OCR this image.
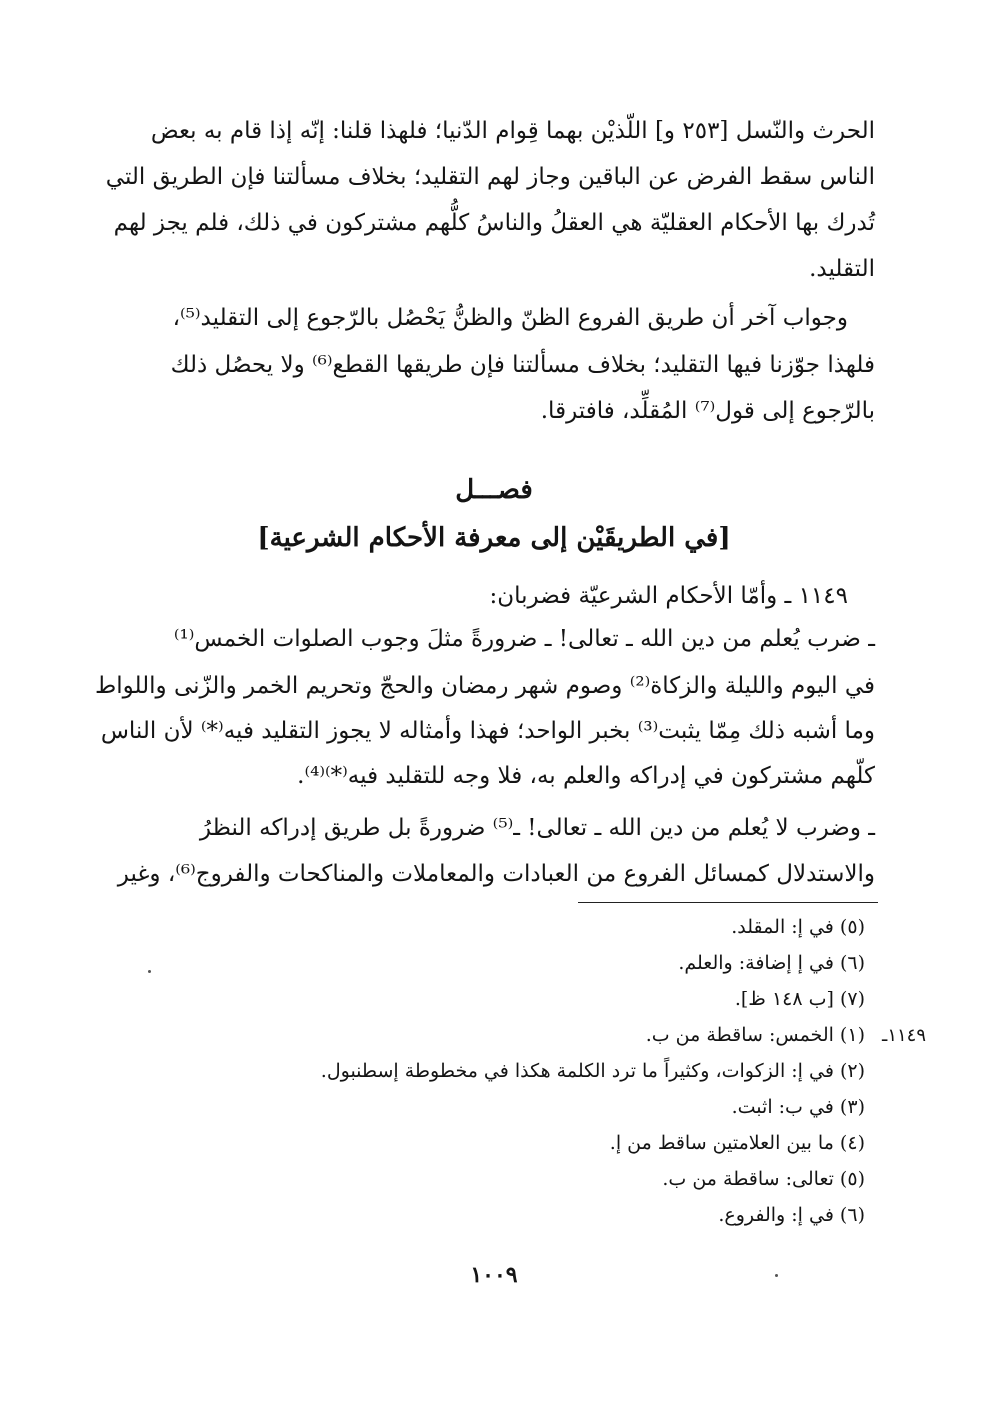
الحرث والنّسل [٢٥٣ و] اللّذيْن بهما قِوام الدّنيا؛ فلهذا قلنا: إنّه إذا قام به بعض
الناس سقط الفرض عن الباقين وجاز لهم التقليد؛ بخلاف مسألتنا فإن الطريق التي
تُدرك بها الأحكام العقليّة هي العقلُ والناسُ كلُّهم مشتركون في ذلك، فلم يجز لهم
التقليد.
وجواب آخر أن طريق الفروع الظنّ والظنُّ يَحْصُل بالرّجوع إلى التقليد⁽⁵⁾،
فلهذا جوّزنا فيها التقليد؛ بخلاف مسألتنا فإن طريقها القطع⁽⁶⁾ ولا يحصُل ذلك
بالرّجوع إلى قول⁽⁷⁾ المُقلِّد، فافترقا.
فصـــل
[في الطريقَيْن إلى معرفة الأحكام الشرعية]
١١٤٩ ـ وأمّا الأحكام الشرعيّة فضربان:
ـ ضرب يُعلم من دين الله ـ تعالى! ـ ضرورةً مثلَ وجوب الصلوات الخمس⁽¹⁾
في اليوم والليلة والزكاة⁽²⁾ وصوم شهر رمضان والحجّ وتحريم الخمر والزّنى واللواط
وما أشبه ذلك مِمّا يثبت⁽³⁾ بخبر الواحد؛ فهذا وأمثاله لا يجوز التقليد فيه⁽*⁾ لأن الناس
كلّهم مشتركون في إدراكه والعلم به، فلا وجه للتقليد فيه⁽*⁾⁽⁴⁾.
ـ وضرب لا يُعلم من دين الله ـ تعالى! ـ⁽⁵⁾ ضرورةً بل طريق إدراكه النظرُ
والاستدلال كمسائل الفروع من العبادات والمعاملات والمناكحات والفروج⁽⁶⁾، وغير
(٥) في إ: المقلد.
(٦) في إ إضافة: والعلم.
(٧) [ب ١٤٨ ظ].
١١٤٩ـ
(١) الخمس: ساقطة من ب.
(٢) في إ: الزكوات، وكثيراً ما ترد الكلمة هكذا في مخطوطة إسطنبول.
(٣) في ب: اثبت.
(٤) ما بين العلامتين ساقط من إ.
(٥) تعالى: ساقطة من ب.
(٦) في إ: والفروع.
١٠٠٩
